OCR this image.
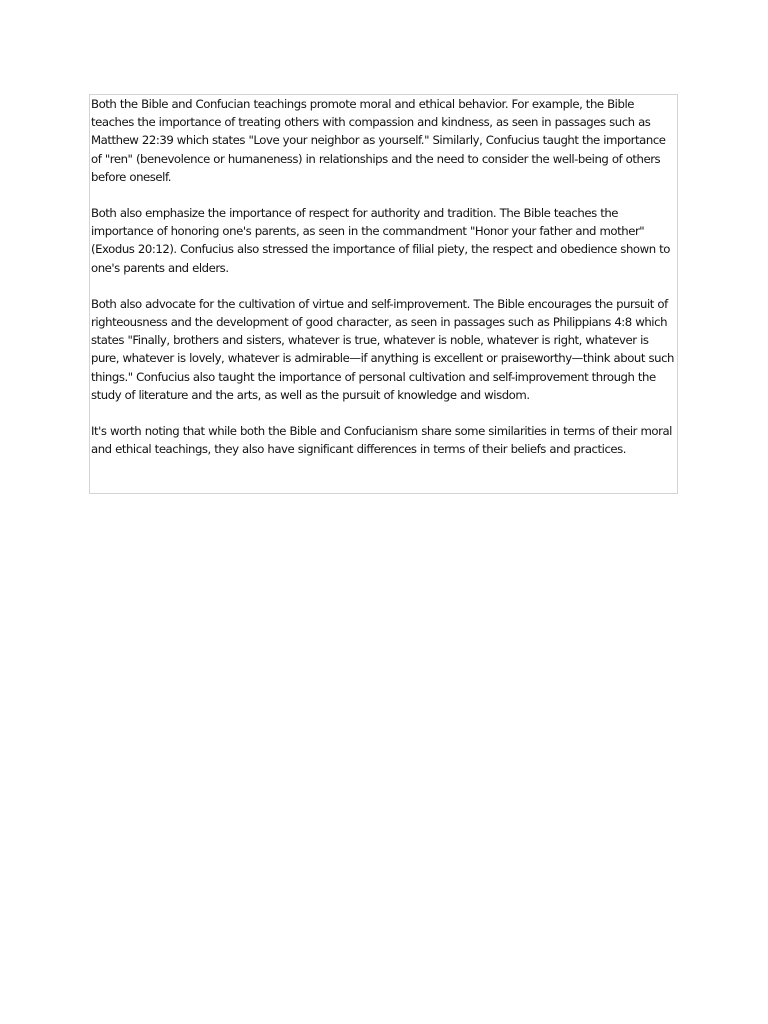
Both the Bible and Confucian teachings promote moral and ethical behavior. For example, the Bible teaches the importance of treating others with compassion and kindness, as seen in passages such as Matthew 22:39 which states "Love your neighbor as yourself." Similarly, Confucius taught the importance of "ren" (benevolence or humaneness) in relationships and the need to consider the well-being of others before oneself.

Both also emphasize the importance of respect for authority and tradition. The Bible teaches the importance of honoring one's parents, as seen in the commandment "Honor your father and mother" (Exodus 20:12). Confucius also stressed the importance of filial piety, the respect and obedience shown to one's parents and elders.

Both also advocate for the cultivation of virtue and self-improvement. The Bible encourages the pursuit of righteousness and the development of good character, as seen in passages such as Philippians 4:8 which states "Finally, brothers and sisters, whatever is true, whatever is noble, whatever is right, whatever is pure, whatever is lovely, whatever is admirable—if anything is excellent or praiseworthy—think about such things." Confucius also taught the importance of personal cultivation and self-improvement through the study of literature and the arts, as well as the pursuit of knowledge and wisdom.

It's worth noting that while both the Bible and Confucianism share some similarities in terms of their moral and ethical teachings, they also have significant differences in terms of their beliefs and practices.
